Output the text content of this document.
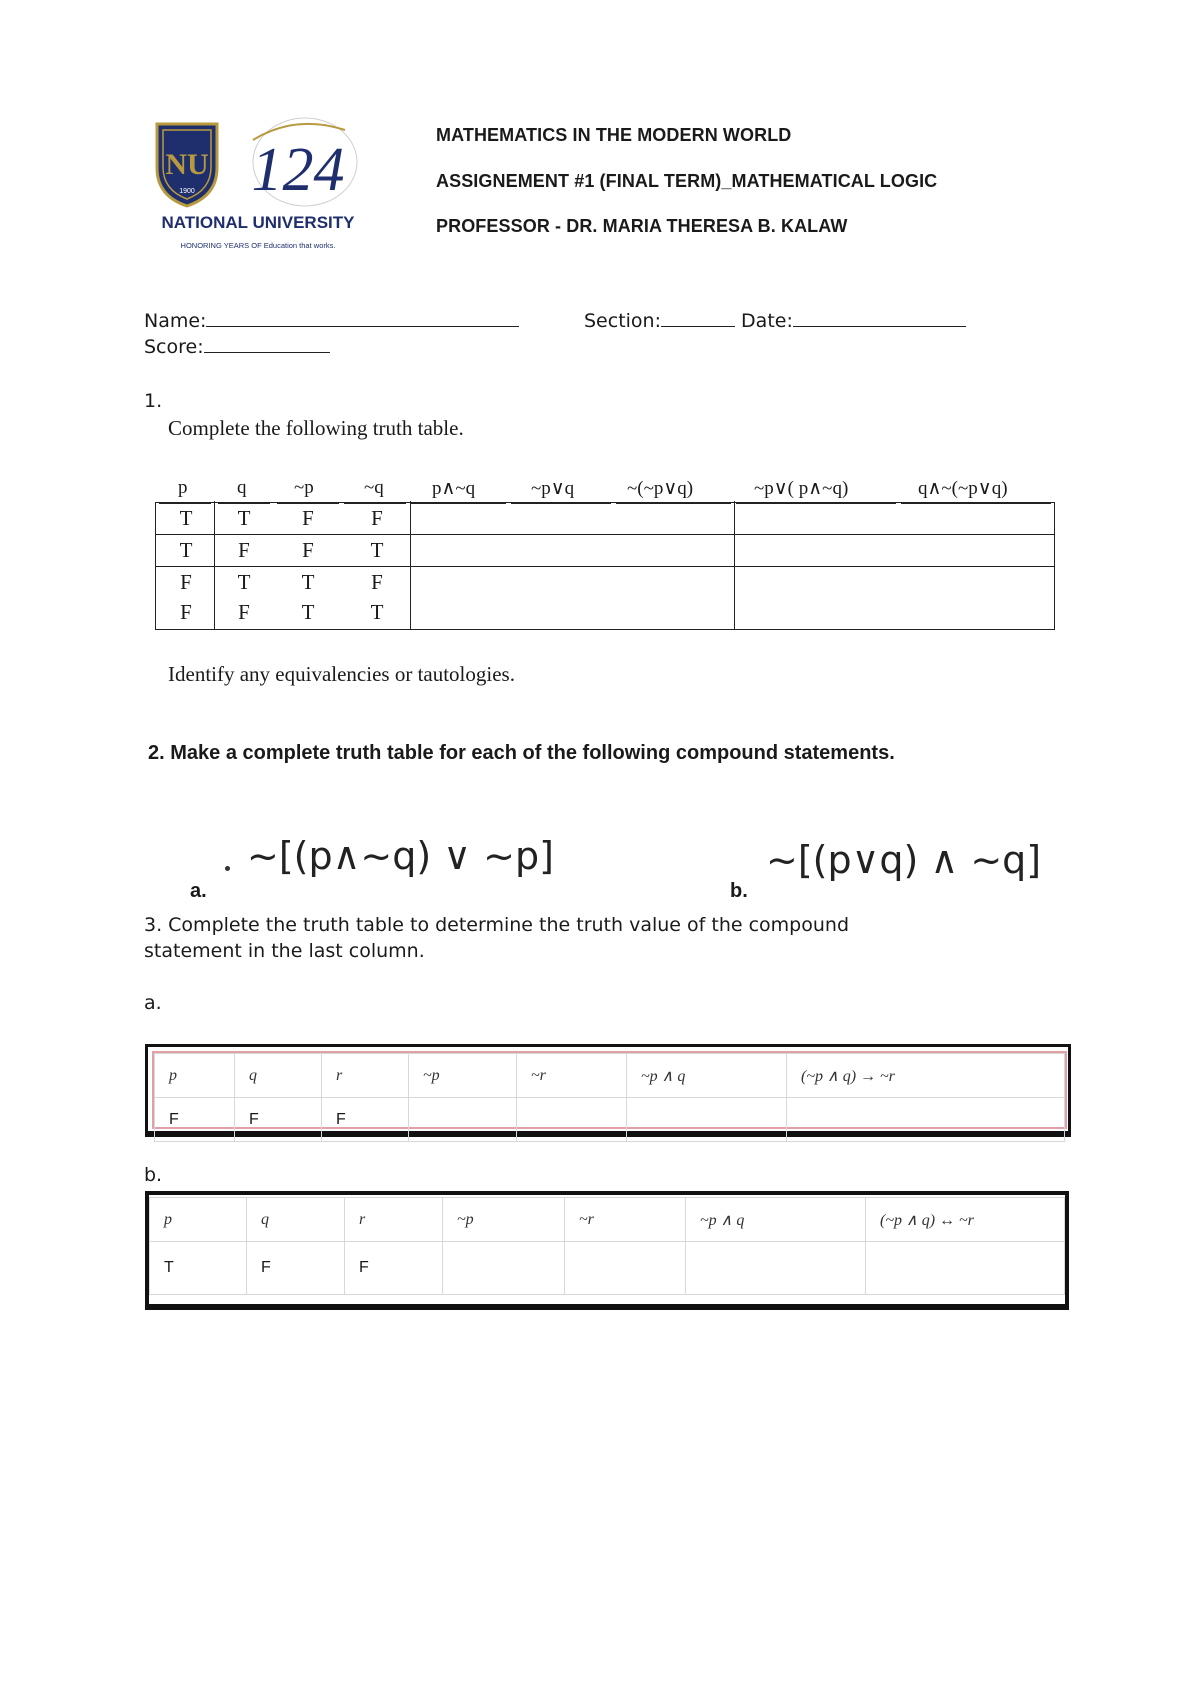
NU
1900 124
NATIONAL UNIVERSITY
HONORING YEARS OF Education that works.
MATHEMATICS IN THE MODERN WORLD
ASSIGNEMENT #1 (FINAL TERM)_MATHEMATICAL LOGIC
PROFESSOR - DR. MARIA THERESA B. KALAW
Name:	Section:	Date:
Score:
1.
Complete the following truth table.
p	q	~p	~q	p∧~q	~p∨q	~(~p∨q)	~p∨( p∧~q)	q∧~(~p∨q)
T	T	F	F
T	F	F	T
F	T	T	F
F	F	T	T
Identify any equivalencies or tautologies.
2. Make a complete truth table for each of the following compound statements.
~[(p∧~q) ∨ ~p]
a.
~[(p∨q) ∧ ~q]
b.
3. Complete the truth table to determine the truth value of the compound
statement in the last column.
a.
p	q	r	~p	~r	~p ∧ q	(~p ∧ q) → ~r
F	F	F				
b.
p	q	r	~p	~r	~p ∧ q	(~p ∧ q) ↔ ~r
T	F	F				
